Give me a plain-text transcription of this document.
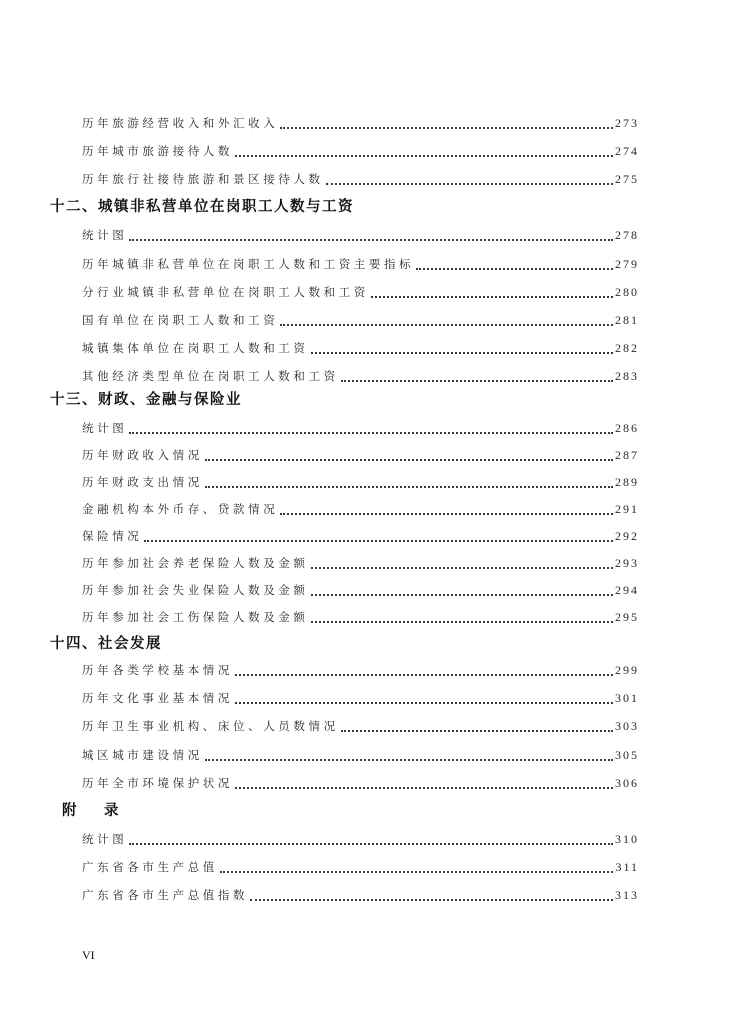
历年旅游经营收入和外汇收入	273
历年城市旅游接待人数	274
历年旅行社接待旅游和景区接待人数	275
十二、城镇非私营单位在岗职工人数与工资
统计图	278
历年城镇非私营单位在岗职工人数和工资主要指标	279
分行业城镇非私营单位在岗职工人数和工资	280
国有单位在岗职工人数和工资	281
城镇集体单位在岗职工人数和工资	282
其他经济类型单位在岗职工人数和工资	283
十三、财政、金融与保险业
统计图	286
历年财政收入情况	287
历年财政支出情况	289
金融机构本外币存、贷款情况	291
保险情况	292
历年参加社会养老保险人数及金额	293
历年参加社会失业保险人数及金额	294
历年参加社会工伤保险人数及金额	295
十四、社会发展
历年各类学校基本情况	299
历年文化事业基本情况	301
历年卫生事业机构、床位、人员数情况	303
城区城市建设情况	305
历年全市环境保护状况	306
附 录
统计图	310
广东省各市生产总值	311
广东省各市生产总值指数	313
VI
